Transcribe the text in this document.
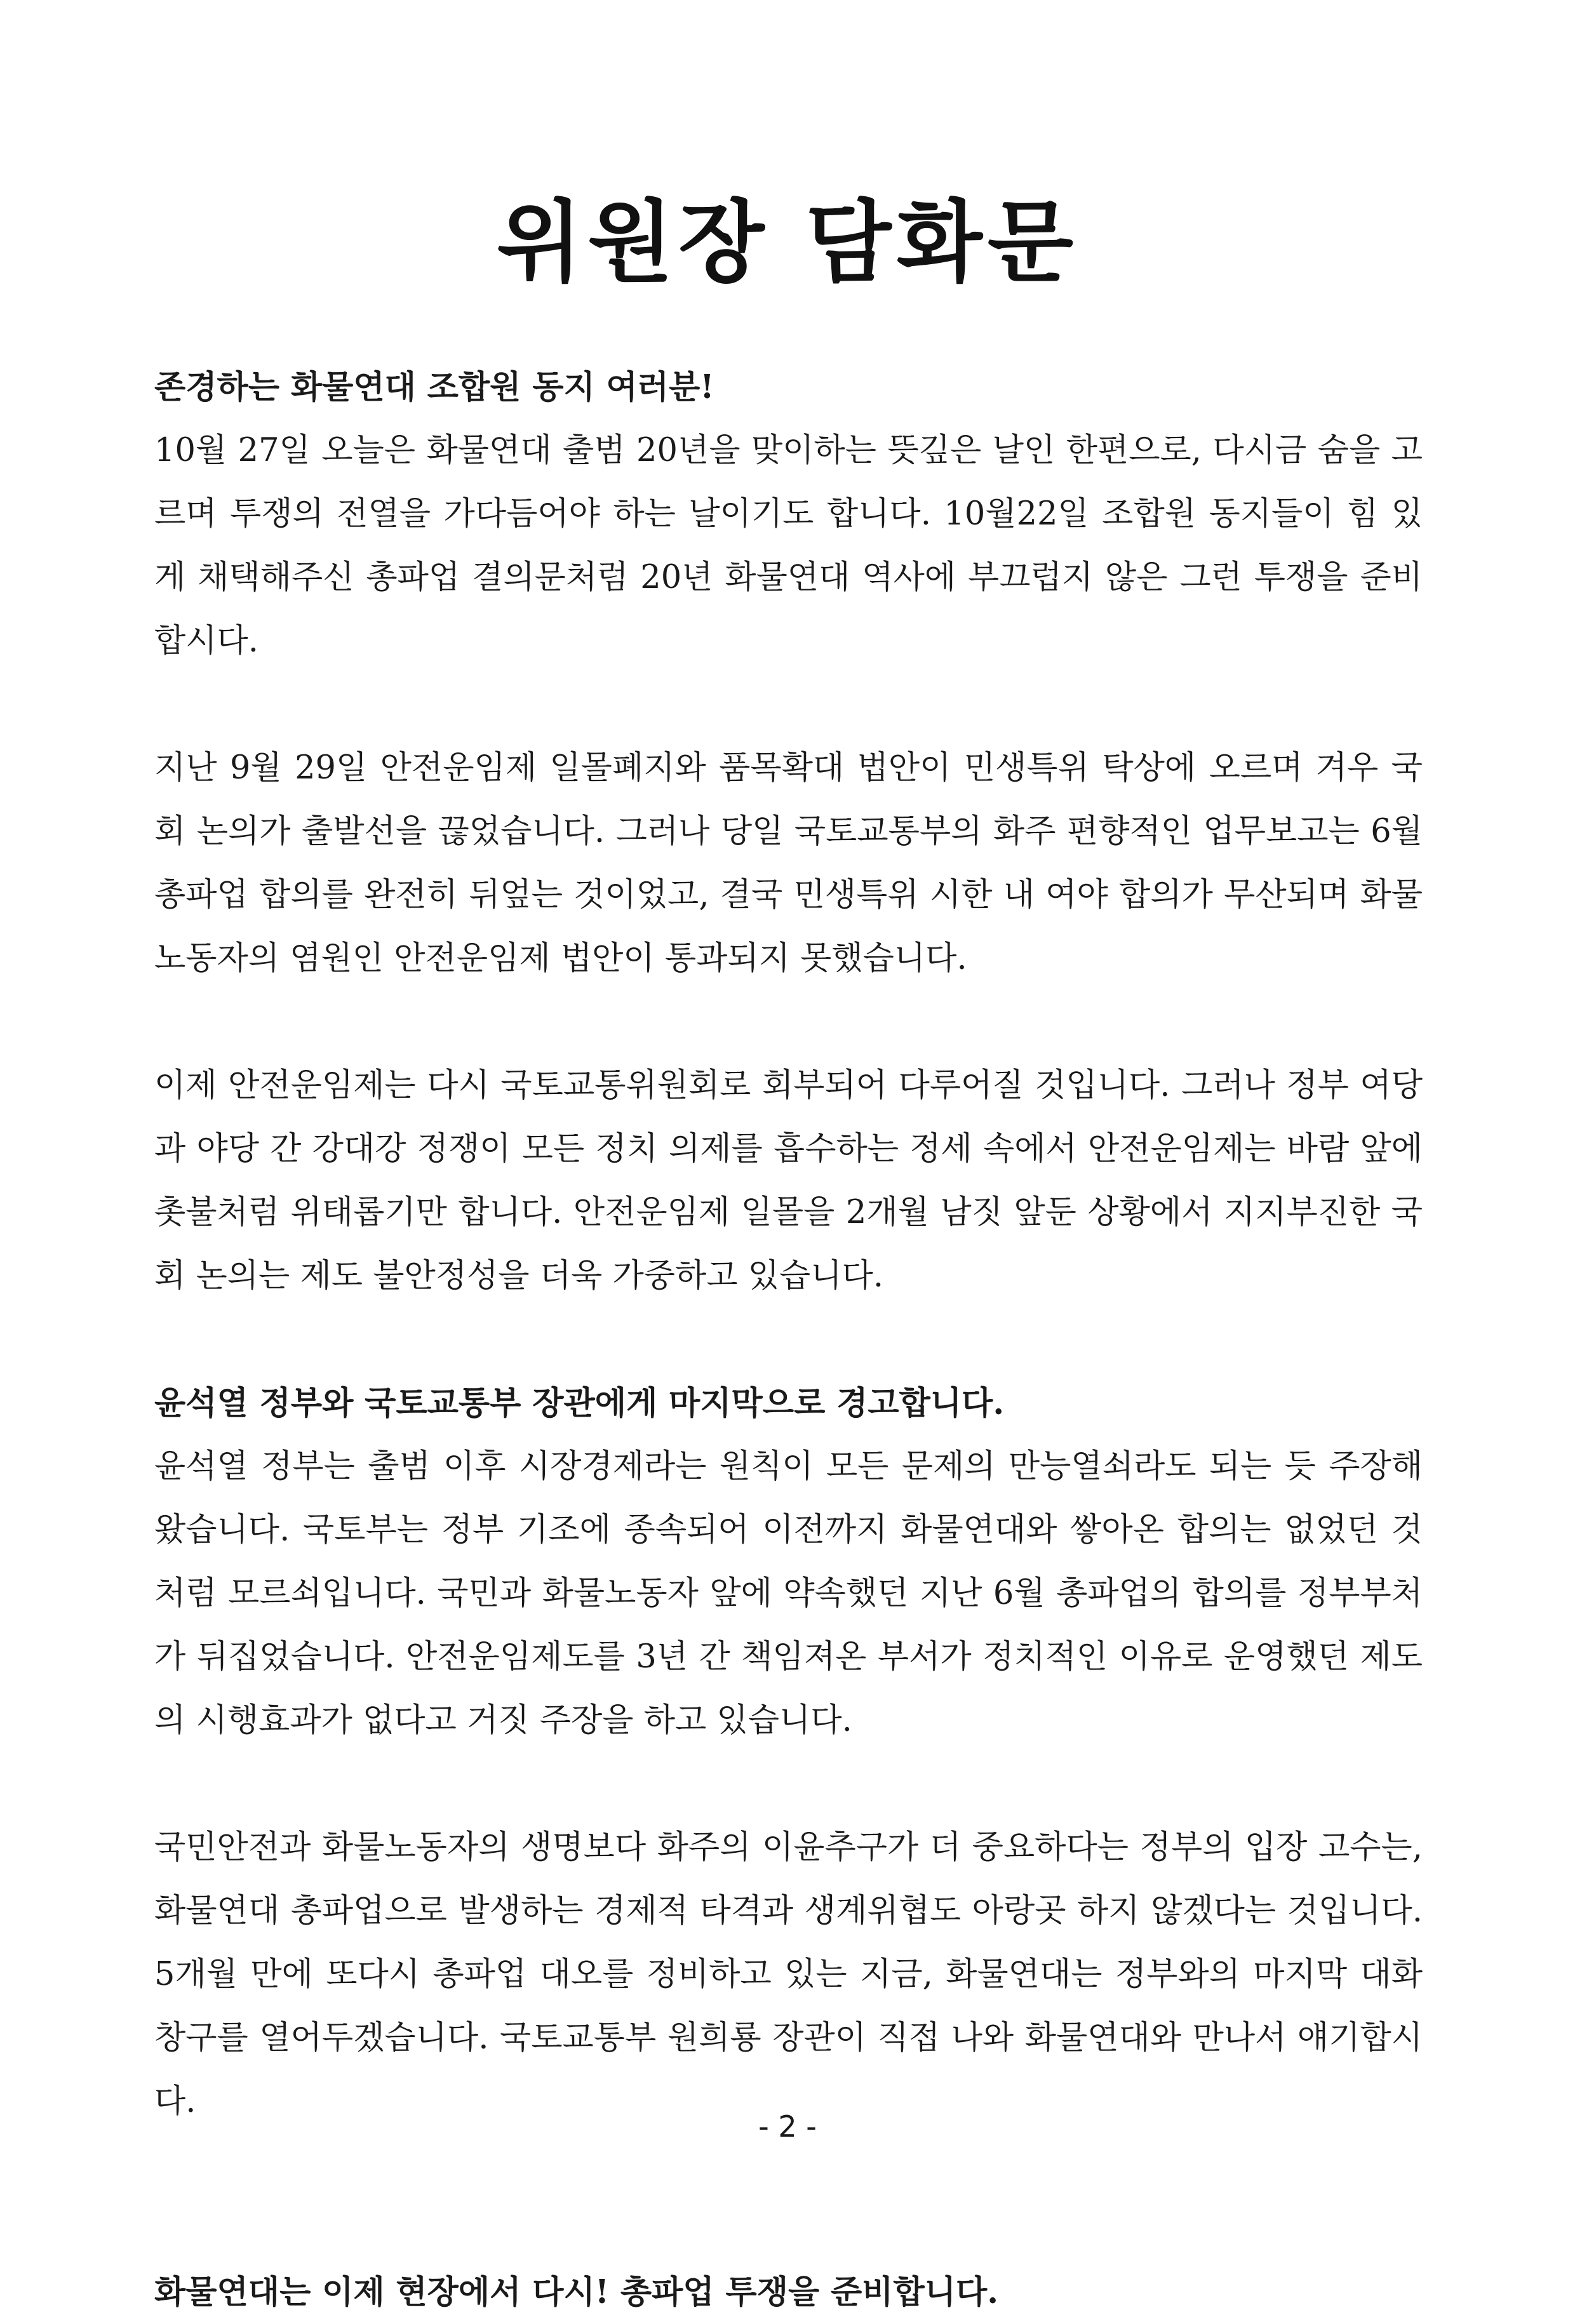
위원장 담화문

존경하는 화물연대 조합원 동지 여러분!

10월 27일 오늘은 화물연대 출범 20년을 맞이하는 뜻깊은 날인 한편으로, 다시금 숨을 고르며 투쟁의 전열을 가다듬어야 하는 날이기도 합니다. 10월22일 조합원 동지들이 힘 있게 채택해주신 총파업 결의문처럼 20년 화물연대 역사에 부끄럽지 않은 그런 투쟁을 준비합시다.

지난 9월 29일 안전운임제 일몰폐지와 품목확대 법안이 민생특위 탁상에 오르며 겨우 국회 논의가 출발선을 끊었습니다. 그러나 당일 국토교통부의 화주 편향적인 업무보고는 6월 총파업 합의를 완전히 뒤엎는 것이었고, 결국 민생특위 시한 내 여야 합의가 무산되며 화물노동자의 염원인 안전운임제 법안이 통과되지 못했습니다.

이제 안전운임제는 다시 국토교통위원회로 회부되어 다루어질 것입니다. 그러나 정부 여당과 야당 간 강대강 정쟁이 모든 정치 의제를 흡수하는 정세 속에서 안전운임제는 바람 앞에 촛불처럼 위태롭기만 합니다. 안전운임제 일몰을 2개월 남짓 앞둔 상황에서 지지부진한 국회 논의는 제도 불안정성을 더욱 가중하고 있습니다.

윤석열 정부와 국토교통부 장관에게 마지막으로 경고합니다.

윤석열 정부는 출범 이후 시장경제라는 원칙이 모든 문제의 만능열쇠라도 되는 듯 주장해왔습니다. 국토부는 정부 기조에 종속되어 이전까지 화물연대와 쌓아온 합의는 없었던 것처럼 모르쇠입니다. 국민과 화물노동자 앞에 약속했던 지난 6월 총파업의 합의를 정부부처가 뒤집었습니다. 안전운임제도를 3년 간 책임져온 부서가 정치적인 이유로 운영했던 제도의 시행효과가 없다고 거짓 주장을 하고 있습니다.

국민안전과 화물노동자의 생명보다 화주의 이윤추구가 더 중요하다는 정부의 입장 고수는, 화물연대 총파업으로 발생하는 경제적 타격과 생계위협도 아랑곳 하지 않겠다는 것입니다. 5개월 만에 또다시 총파업 대오를 정비하고 있는 지금, 화물연대는 정부와의 마지막 대화창구를 열어두겠습니다. 국토교통부 원희룡 장관이 직접 나와 화물연대와 만나서 얘기합시다.

화물연대는 이제 현장에서 다시! 총파업 투쟁을 준비합니다.

- 2 -
